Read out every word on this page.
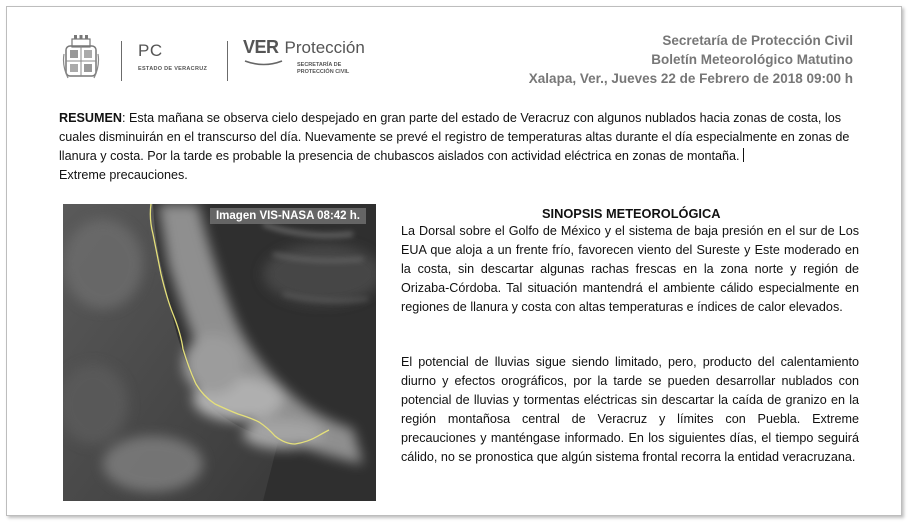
PC
ESTADO DE VERACRUZ
VER Protección
SECRETARÍA DE
PROTECCIÓN CIVIL
Secretaría de Protección Civil
Boletín Meteorológico Matutino
Xalapa, Ver., Jueves 22 de Febrero de 2018 09:00 h
RESUMEN: Esta mañana se observa cielo despejado en gran parte del estado de Veracruz con algunos nublados hacia zonas de costa, los cuales disminuirán en el transcurso del día. Nuevamente se prevé el registro de temperaturas altas durante el día especialmente en zonas de llanura y costa. Por la tarde es probable la presencia de chubascos aislados con actividad eléctrica en zonas de montaña.
Extreme precauciones.
Imagen VIS-NASA 08:42 h.	SINOPSIS METEOROLÓGICA
La Dorsal sobre el Golfo de México y el sistema de baja presión en el sur de Los EUA que aloja a un frente frío, favorecen viento del Sureste y Este moderado en la costa, sin descartar algunas rachas frescas en la zona norte y región de Orizaba-Córdoba. Tal situación mantendrá el ambiente cálido especialmente en regiones de llanura y costa con altas temperaturas e índices de calor elevados.
El potencial de lluvias sigue siendo limitado, pero, producto del calentamiento diurno y efectos orográficos, por la tarde se pueden desarrollar nublados con potencial de lluvias y tormentas eléctricas sin descartar la caída de granizo en la región montañosa central de Veracruz y límites con Puebla. Extreme precauciones y manténgase informado. En los siguientes días, el tiempo seguirá cálido, no se pronostica que algún sistema frontal recorra la entidad veracruzana.
